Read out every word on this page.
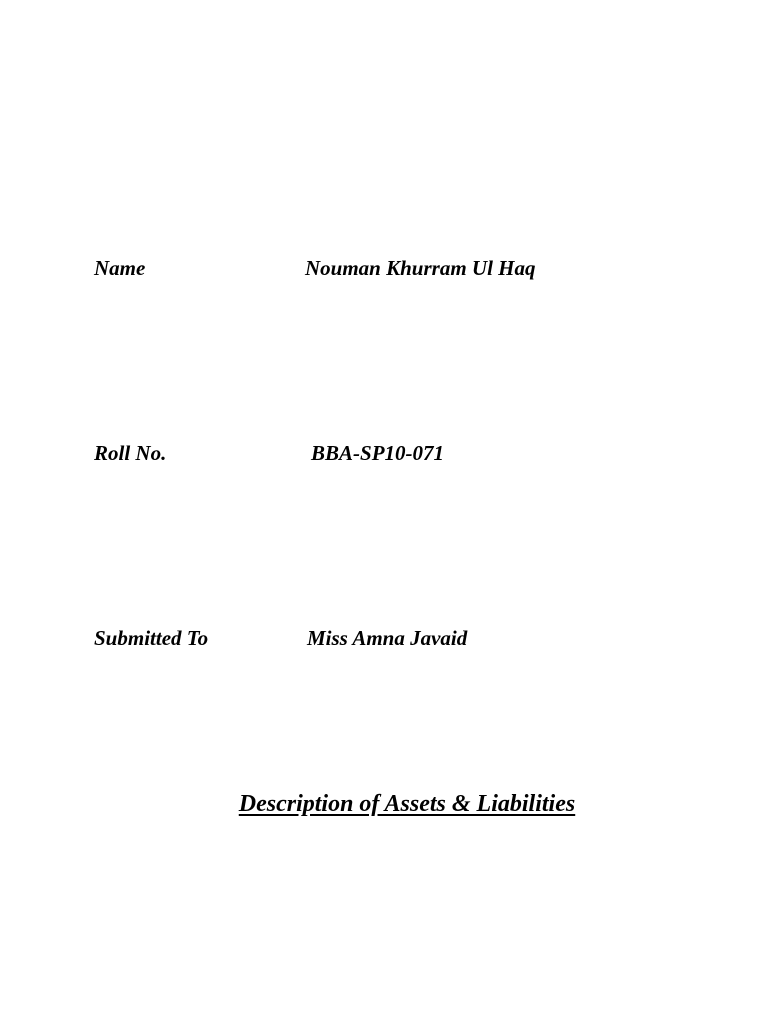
Name	Nouman Khurram Ul Haq
Roll No.	BBA-SP10-071
Submitted To	Miss Amna Javaid
Description of Assets & Liabilities
